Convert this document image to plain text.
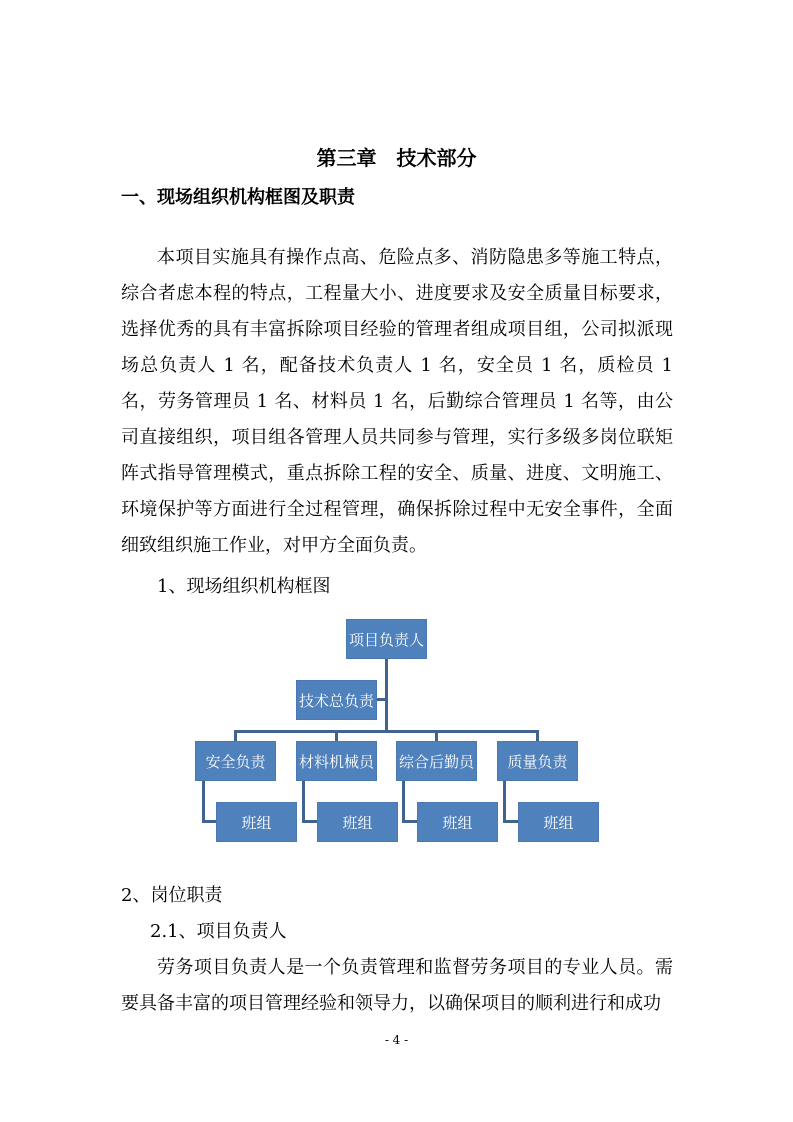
第三章　技术部分
一、现场组织机构框图及职责
本项目实施具有操作点高、危险点多、消防隐患多等施工特点，综合者虑本程的特点，工程量大小、进度要求及安全质量目标要求，选择优秀的具有丰富拆除项目经验的管理者组成项目组，公司拟派现场总负责人 1 名，配备技术负责人 1 名，安全员 1 名，质检员 1 名，劳务管理员 1 名、材料员 1 名，后勤综合管理员 1 名等，由公司直接组织，项目组各管理人员共同参与管理，实行多级多岗位联矩阵式指导管理模式，重点拆除工程的安全、质量、进度、文明施工、环境保护等方面进行全过程管理，确保拆除过程中无安全事件，全面细致组织施工作业，对甲方全面负责。
1、现场组织机构框图
项目负责人
技术总负责
安全负责	材料机械员 综合后勤员	质量负责
班组	班组	班组	班组
2、岗位职责
2.1、项目负责人
劳务项目负责人是一个负责管理和监督劳务项目的专业人员。需要具备丰富的项目管理经验和领导力，以确保项目的顺利进行和成功
- 4 -
